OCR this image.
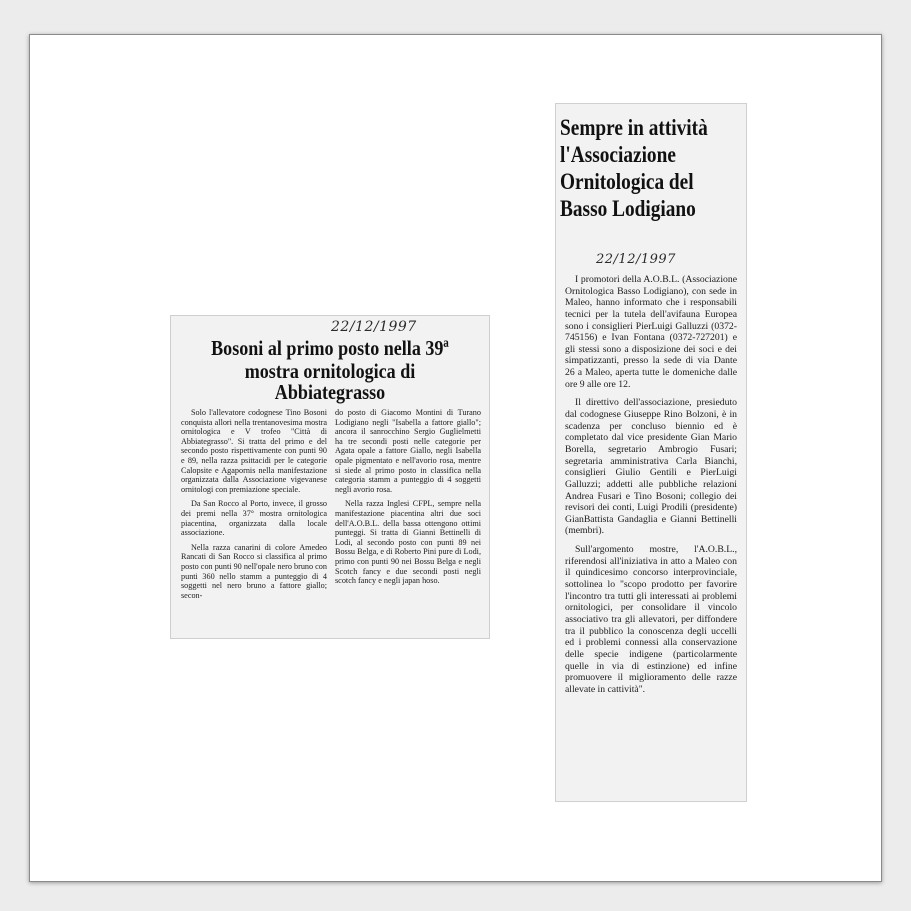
22/12/1997
Bosoni al primo posto nella 39ª
mostra ornitologica di Abbiategrasso

Solo l'allevatore codognese Tino Bosoni conquista allori nella trentanovesima mostra ornitologica e V trofeo "Città di Abbiategrasso". Si tratta del primo e del secondo posto rispettivamente con punti 90 e 89, nella razza psittacidi per le categorie Calopsite e Agapornis nella manifestazione organizzata dalla Associazione vigevanese ornitologi con premiazione speciale.

Da San Rocco al Porto, invece, il grosso dei premi nella 37° mostra ornitologica piacentina, organizzata dalla locale associazione.

Nella razza canarini di colore Amedeo Rancati di San Rocco si classifica al primo posto con punti 90 nell'opale nero bruno con punti 360 nello stamm a punteggio di 4 soggetti nel nero bruno a fattore giallo; secon-

do posto di Giacomo Montini di Turano Lodigiano negli "Isabella a fattore giallo"; ancora il sanrocchino Sergio Guglielmetti ha tre secondi posti nelle categorie per Agata opale a fattore Giallo, negli Isabella opale pigmentato e nell'avorio rosa, mentre si siede al primo posto in classifica nella categoria stamm a punteggio di 4 soggetti negli avorio rosa.

Nella razza Inglesi CFPL, sempre nella manifestazione piacentina altri due soci dell'A.O.B.L. della bassa ottengono ottimi punteggi. Si tratta di Gianni Bettinelli di Lodi, al secondo posto con punti 89 nei Bossu Belga, e di Roberto Pini pure di Lodi, primo con punti 90 nei Bossu Belga e negli Scotch fancy e due secondi posti negli scotch fancy e negli japan hoso.

Sempre in attività
l'Associazione
Ornitologica del
Basso Lodigiano
22/12/1997

I promotori della A.O.B.L. (Associazione Ornitologica Basso Lodigiano), con sede in Maleo, hanno informato che i responsabili tecnici per la tutela dell'avifauna Europea sono i consiglieri PierLuigi Galluzzi (0372-745156) e Ivan Fontana (0372-727201) e gli stessi sono a disposizione dei soci e dei simpatizzanti, presso la sede di via Dante 26 a Maleo, aperta tutte le domeniche dalle ore 9 alle ore 12.

Il direttivo dell'associazione, presieduto dal codognese Giuseppe Rino Bolzoni, è in scadenza per concluso biennio ed è completato dal vice presidente Gian Mario Borella, segretario Ambrogio Fusari; segretaria amministrativa Carla Bianchi, consiglieri Giulio Gentili e PierLuigi Galluzzi; addetti alle pubbliche relazioni Andrea Fusari e Tino Bosoni; collegio dei revisori dei conti, Luigi Prodili (presidente) GianBattista Gandaglia e Gianni Bettinelli (membri).

Sull'argomento mostre, l'A.O.B.L., riferendosi all'iniziativa in atto a Maleo con il quindicesimo concorso interprovinciale, sottolinea lo "scopo prodotto per favorire l'incontro tra tutti gli interessati ai problemi ornitologici, per consolidare il vincolo associativo tra gli allevatori, per diffondere tra il pubblico la conoscenza degli uccelli ed i problemi connessi alla conservazione delle specie indigene (particolarmente quelle in via di estinzione) ed infine promuovere il miglioramento delle razze allevate in cattività".
